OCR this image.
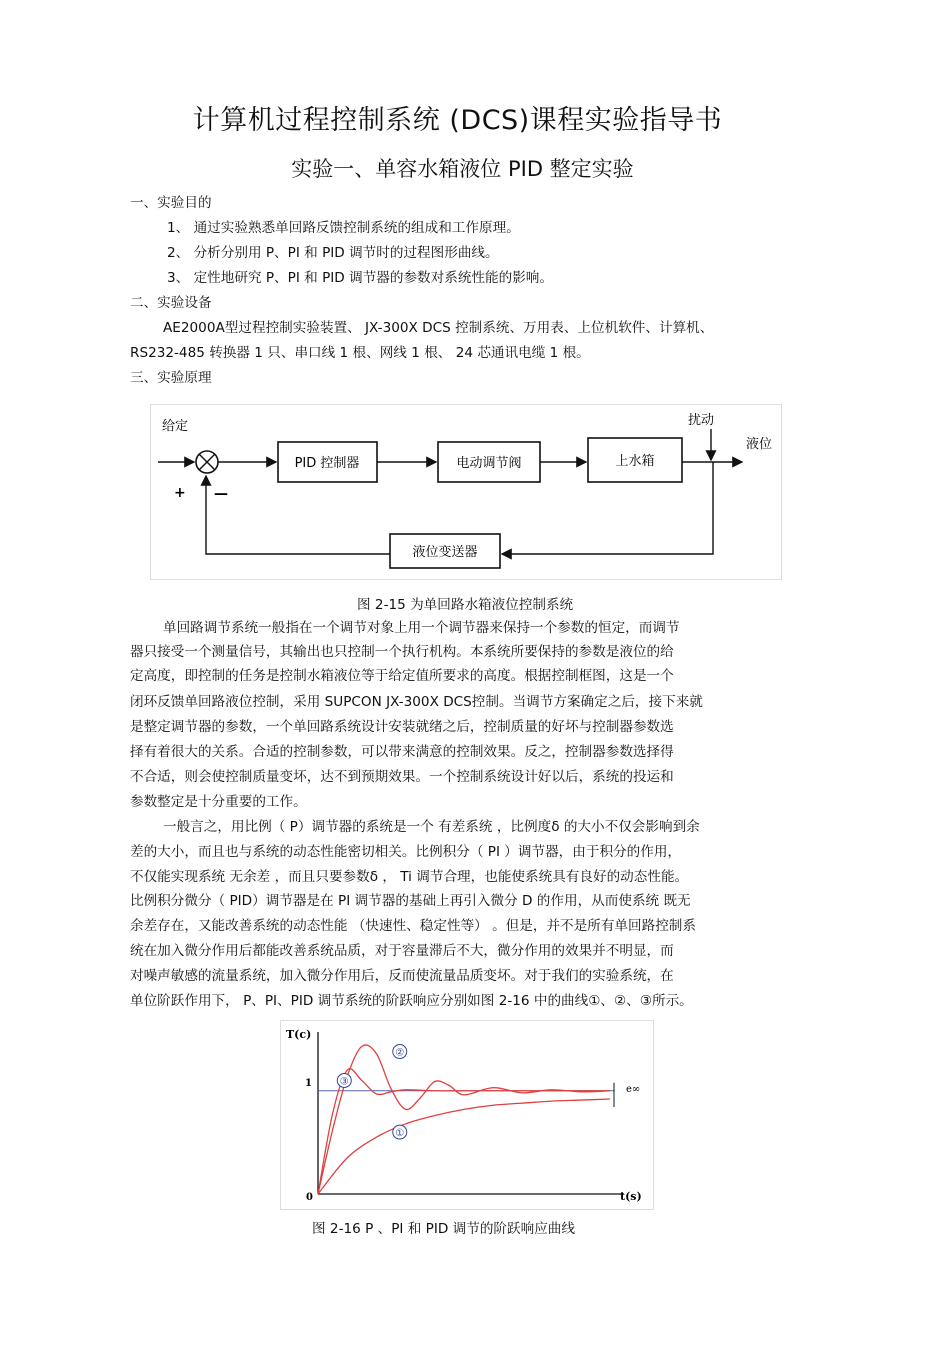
计算机过程控制系统 (DCS)课程实验指导书
实验一、单容水箱液位 PID 整定实验
一、实验目的
1、 通过实验熟悉单回路反馈控制系统的组成和工作原理。
2、 分析分别用 P、PI 和 PID 调节时的过程图形曲线。
3、 定性地研究 P、PI 和 PID 调节器的参数对系统性能的影响。
二、实验设备
AE2000A型过程控制实验装置、 JX-300X DCS 控制系统、万用表、上位机软件、计算机、
RS232-485 转换器 1 只、串口线 1 根、网线 1 根、 24 芯通讯电缆 1 根。
三、实验原理
给定
+ —
PID 控制器	电动调节阀	上水箱
扰动
液位
液位变送器
图 2-15 为单回路水箱液位控制系统
单回路调节系统一般指在一个调节对象上用一个调节器来保持一个参数的恒定，而调节
器只接受一个测量信号，其输出也只控制一个执行机构。本系统所要保持的参数是液位的给
定高度，即控制的任务是控制水箱液位等于给定值所要求的高度。根据控制框图，这是一个
闭环反馈单回路液位控制，采用 SUPCON JX-300X DCS控制。当调节方案确定之后，接下来就
是整定调节器的参数，一个单回路系统设计安装就绪之后，控制质量的好坏与控制器参数选
择有着很大的关系。合适的控制参数，可以带来满意的控制效果。反之，控制器参数选择得
不合适，则会使控制质量变坏，达不到预期效果。一个控制系统设计好以后，系统的投运和
参数整定是十分重要的工作。
一般言之，用比例（ P）调节器的系统是一个 有差系统 ，比例度δ 的大小不仅会影响到余
差的大小，而且也与系统的动态性能密切相关。比例积分（ PI ）调节器，由于积分的作用，
不仅能实现系统 无余差 ，而且只要参数δ ， Ti 调节合理，也能使系统具有良好的动态性能。
比例积分微分（ PID）调节器是在 PI 调节器的基础上再引入微分 D 的作用，从而使系统 既无
余差存在，又能改善系统的动态性能 （快速性、稳定性等） 。但是，并不是所有单回路控制系
统在加入微分作用后都能改善系统品质，对于容量滞后不大，微分作用的效果并不明显，而
对噪声敏感的流量系统，加入微分作用后，反而使流量品质变坏。对于我们的实验系统，在
单位阶跃作用下， P、PI、PID 调节系统的阶跃响应分别如图 2-16 中的曲线①、②、③所示。
T(c)
t(s)
0
1
①
②
③
e∞
图 2-16 P 、PI 和 PID 调节的阶跃响应曲线
